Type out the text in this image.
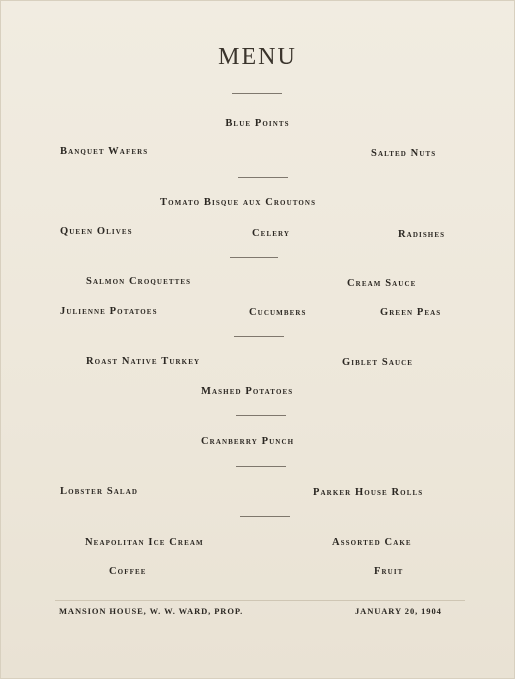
MENU
Blue Points
Banquet Wafers	Salted Nuts
Tomato Bisque aux Croutons
Queen Olives	Celery	Radishes
Salmon Croquettes	Cream Sauce
Julienne Potatoes	Cucumbers	Green Peas
Roast Native Turkey	Giblet Sauce
Mashed Potatoes
Cranberry Punch
Lobster Salad	Parker House Rolls
Neapolitan Ice Cream	Assorted Cake
Coffee	Fruit
MANSION HOUSE, W. W. WARD, PROP.	JANUARY 20, 1904
